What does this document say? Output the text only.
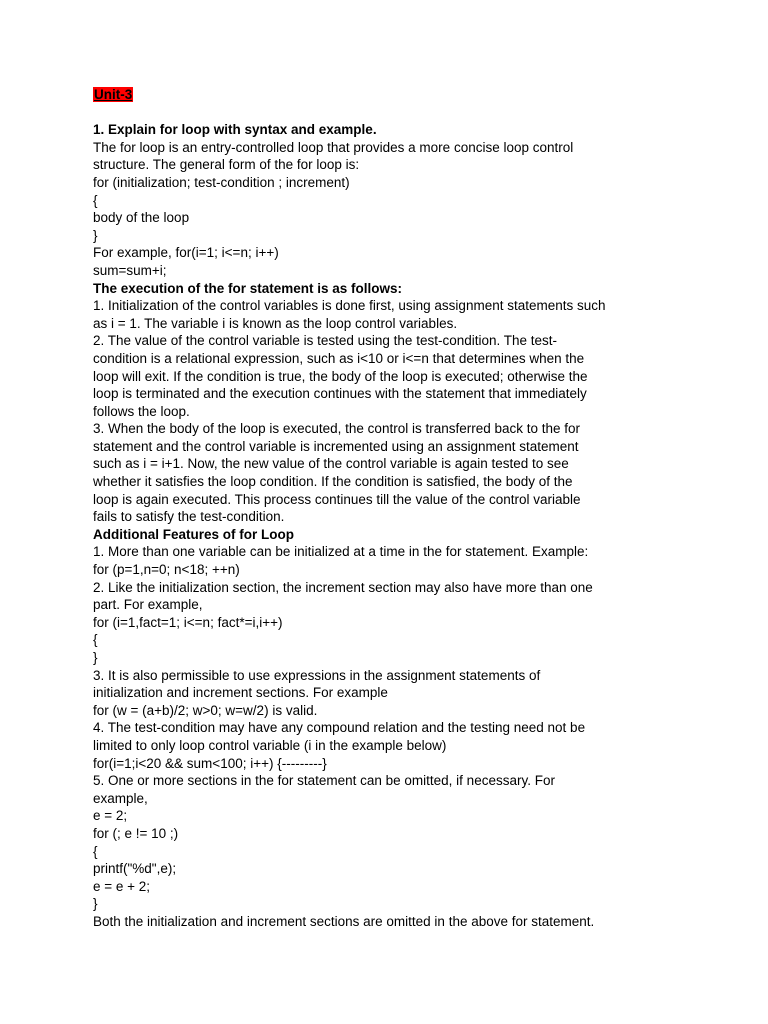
Unit-3
1. Explain for loop with syntax and example.
The for loop is an entry-controlled loop that provides a more concise loop control
structure. The general form of the for loop is:
for (initialization; test-condition ; increment)
{
body of the loop
}
For example, for(i=1; i<=n; i++)
sum=sum+i;
The execution of the for statement is as follows:
1. Initialization of the control variables is done first, using assignment statements such
as i = 1. The variable i is known as the loop control variables.
2. The value of the control variable is tested using the test-condition. The test-
condition is a relational expression, such as i<10 or i<=n that determines when the
loop will exit. If the condition is true, the body of the loop is executed; otherwise the
loop is terminated and the execution continues with the statement that immediately
follows the loop.
3. When the body of the loop is executed, the control is transferred back to the for
statement and the control variable is incremented using an assignment statement
such as i = i+1. Now, the new value of the control variable is again tested to see
whether it satisfies the loop condition. If the condition is satisfied, the body of the
loop is again executed. This process continues till the value of the control variable
fails to satisfy the test-condition.
Additional Features of for Loop
1. More than one variable can be initialized at a time in the for statement. Example:
for (p=1,n=0; n<18; ++n)
2. Like the initialization section, the increment section may also have more than one
part. For example,
for (i=1,fact=1; i<=n; fact*=i,i++)
{
}
3. It is also permissible to use expressions in the assignment statements of
initialization and increment sections. For example
for (w = (a+b)/2; w>0; w=w/2) is valid.
4. The test-condition may have any compound relation and the testing need not be
limited to only loop control variable (i in the example below)
for(i=1;i<20 && sum<100; i++) {---------}
5. One or more sections in the for statement can be omitted, if necessary. For
example,
e = 2;
for (; e != 10 ;)
{
printf("%d",e);
e = e + 2;
}
Both the initialization and increment sections are omitted in the above for statement.
